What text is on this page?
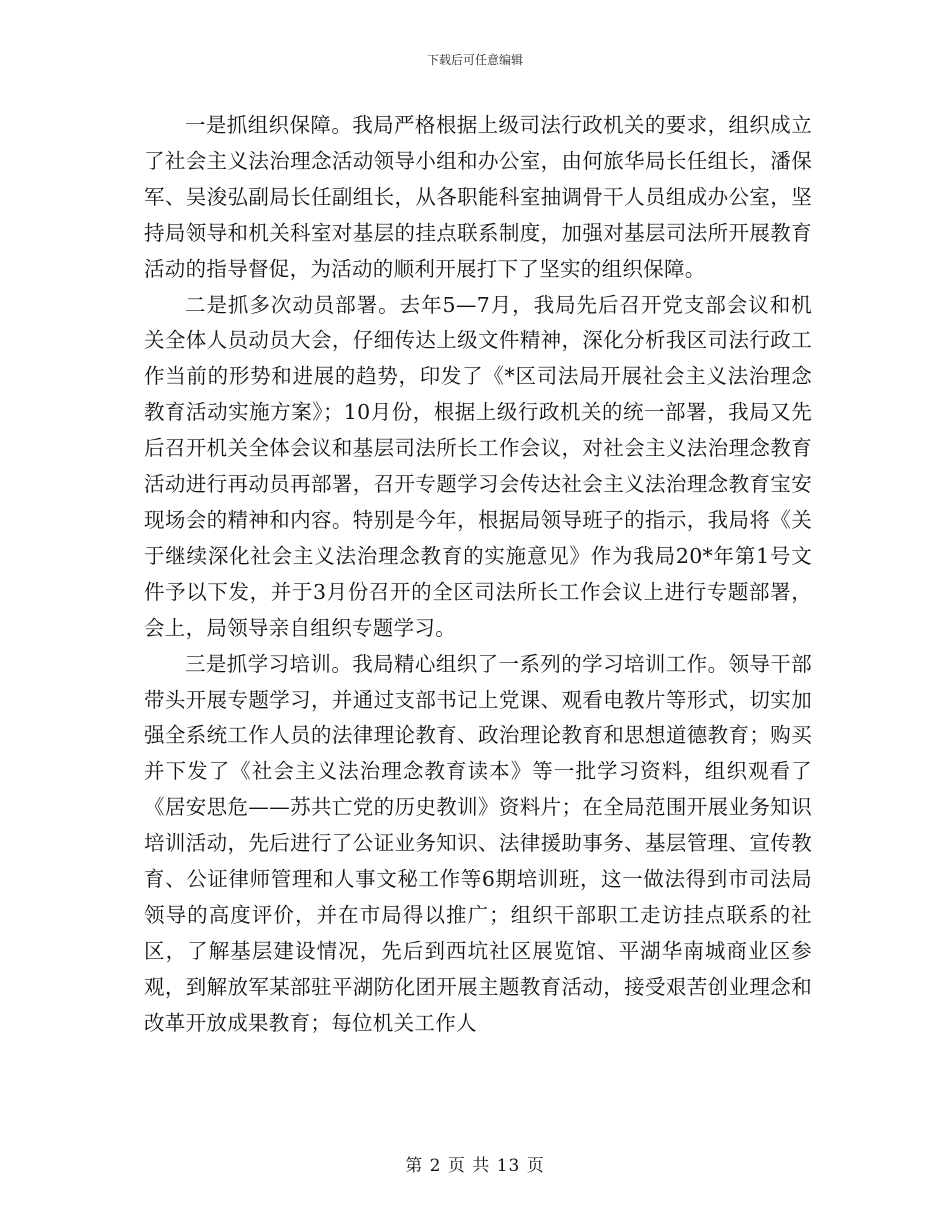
下载后可任意编辑

一是抓组织保障。我局严格根据上级司法行政机关的要求，组织成立了社会主义法治理念活动领导小组和办公室，由何旅华局长任组长，潘保军、吴浚弘副局长任副组长，从各职能科室抽调骨干人员组成办公室，坚持局领导和机关科室对基层的挂点联系制度，加强对基层司法所开展教育活动的指导督促，为活动的顺利开展打下了坚实的组织保障。

二是抓多次动员部署。去年5—7月，我局先后召开党支部会议和机关全体人员动员大会，仔细传达上级文件精神，深化分析我区司法行政工作当前的形势和进展的趋势，印发了《*区司法局开展社会主义法治理念教育活动实施方案》；10月份，根据上级行政机关的统一部署，我局又先后召开机关全体会议和基层司法所长工作会议，对社会主义法治理念教育活动进行再动员再部署，召开专题学习会传达社会主义法治理念教育宝安现场会的精神和内容。特别是今年，根据局领导班子的指示，我局将《关于继续深化社会主义法治理念教育的实施意见》作为我局20*年第1号文件予以下发，并于3月份召开的全区司法所长工作会议上进行专题部署，会上，局领导亲自组织专题学习。

三是抓学习培训。我局精心组织了一系列的学习培训工作。领导干部带头开展专题学习，并通过支部书记上党课、观看电教片等形式，切实加强全系统工作人员的法律理论教育、政治理论教育和思想道德教育；购买并下发了《社会主义法治理念教育读本》等一批学习资料，组织观看了《居安思危——苏共亡党的历史教训》资料片；在全局范围开展业务知识培训活动，先后进行了公证业务知识、法律援助事务、基层管理、宣传教育、公证律师管理和人事文秘工作等6期培训班，这一做法得到市司法局领导的高度评价，并在市局得以推广；组织干部职工走访挂点联系的社区，了解基层建设情况，先后到西坑社区展览馆、平湖华南城商业区参观，到解放军某部驻平湖防化团开展主题教育活动，接受艰苦创业理念和改革开放成果教育；每位机关工作人

第 2 页 共 13 页
